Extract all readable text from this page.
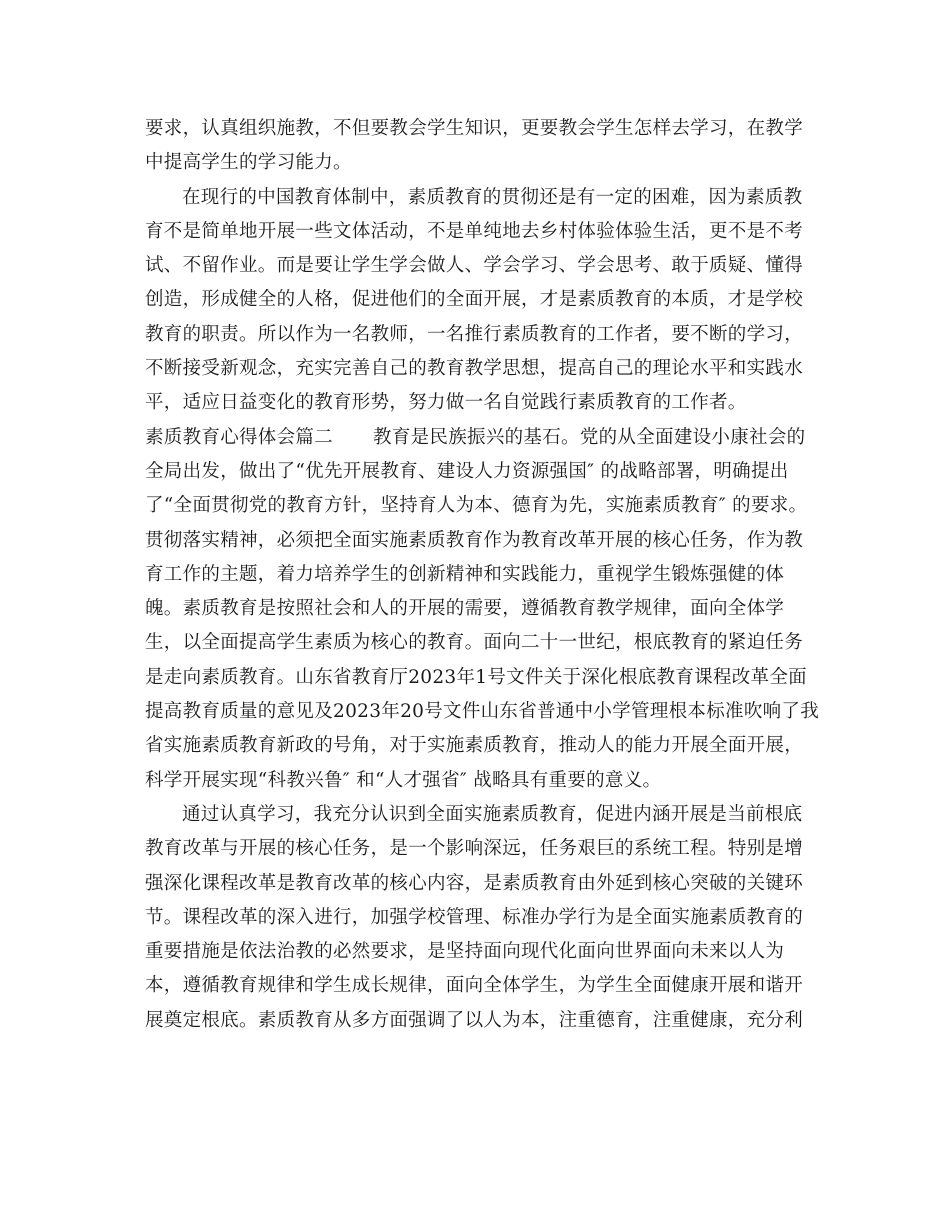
要求，认真组织施教，不但要教会学生知识，更要教会学生怎样去学习，在教学
中提高学生的学习能力。
在现行的中国教育体制中，素质教育的贯彻还是有一定的困难，因为素质教
育不是简单地开展一些文体活动，不是单纯地去乡村体验体验生活，更不是不考
试、不留作业。而是要让学生学会做人、学会学习、学会思考、敢于质疑、懂得
创造，形成健全的人格，促进他们的全面开展，才是素质教育的本质，才是学校
教育的职责。所以作为一名教师，一名推行素质教育的工作者，要不断的学习，
不断接受新观念，充实完善自己的教育教学思想，提高自己的理论水平和实践水
平，适应日益变化的教育形势，努力做一名自觉践行素质教育的工作者。
素质教育心得体会篇二 教育是民族振兴的基石。党的从全面建设小康社会的
全局出发，做出了“优先开展教育、建设人力资源强国″ 的战略部署，明确提出
了“全面贯彻党的教育方针，坚持育人为本、德育为先，实施素质教育″ 的要求。
贯彻落实精神，必须把全面实施素质教育作为教育改革开展的核心任务，作为教
育工作的主题，着力培养学生的创新精神和实践能力，重视学生锻炼强健的体
魄。素质教育是按照社会和人的开展的需要，遵循教育教学规律，面向全体学
生，以全面提高学生素质为核心的教育。面向二十一世纪，根底教育的紧迫任务
是走向素质教育。山东省教育厅2023年1号文件关于深化根底教育课程改革全面
提高教育质量的意见及2023年20号文件山东省普通中小学管理根本标准吹响了我
省实施素质教育新政的号角，对于实施素质教育，推动人的能力开展全面开展，
科学开展实现“科教兴鲁″ 和“人才强省″ 战略具有重要的意义。
通过认真学习，我充分认识到全面实施素质教育，促进内涵开展是当前根底
教育改革与开展的核心任务，是一个影响深远，任务艰巨的系统工程。特别是增
强深化课程改革是教育改革的核心内容，是素质教育由外延到核心突破的关键环
节。课程改革的深入进行，加强学校管理、标准办学行为是全面实施素质教育的
重要措施是依法治教的必然要求，是坚持面向现代化面向世界面向未来以人为
本，遵循教育规律和学生成长规律，面向全体学生，为学生全面健康开展和谐开
展奠定根底。素质教育从多方面强调了以人为本，注重德育，注重健康，充分利
